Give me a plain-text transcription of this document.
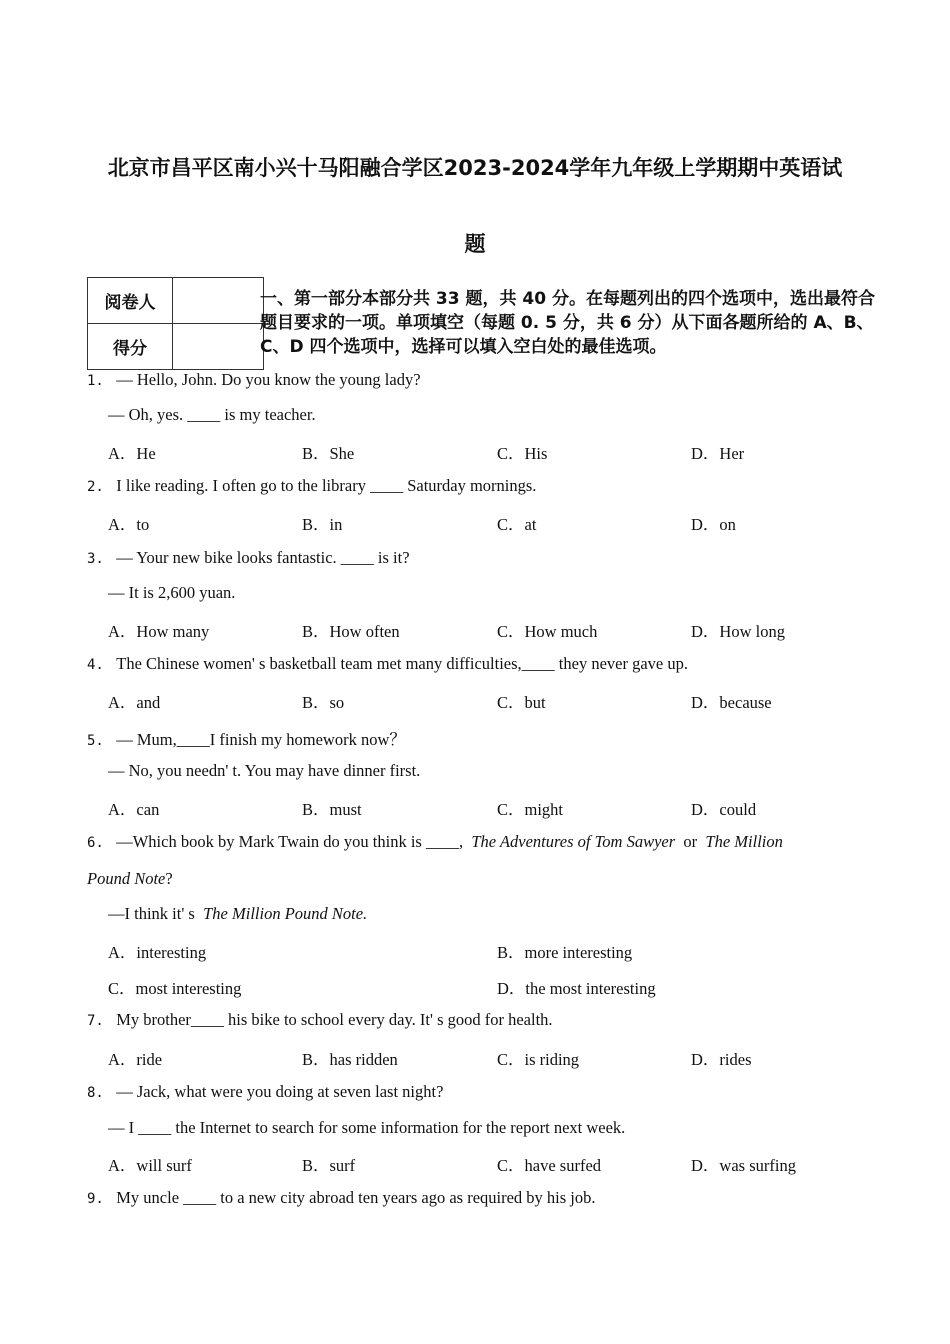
北京市昌平区南小兴十马阳融合学区2023-2024学年九年级上学期期中英语试
题
阅卷人	
得分	
一、第一部分本部分共 33 题，共 40 分。在每题列出的四个选项中，选出最符合题目要求的一项。单项填空（每题 0. 5 分，共 6 分）从下面各题所给的 A、B、C、D 四个选项中，选择可以填入空白处的最佳选项。
1. — Hello, John. Do you know the young lady?
— Oh, yes. ____ is my teacher.
A．He	B．She	C．His	D．Her
2. I like reading. I often go to the library ____ Saturday mornings.
A．to	B．in	C．at	D．on
3. — Your new bike looks fantastic. ____ is it?
— It is 2,600 yuan.
A．How many	B．How often	C．How much	D．How long
4. The Chinese women' s basketball team met many difficulties,____ they never gave up.
A．and	B．so	C．but	D．because
5. — Mum,____I finish my homework now？
— No, you needn' t. You may have dinner first.
A．can	B．must	C．might	D．could
6. —Which book by Mark Twain do you think is ____, The Adventures of Tom Sawyer or The Million
Pound Note?
—I think it' s The Million Pound Note.
A．interesting	B．more interesting
C．most interesting	D．the most interesting
7. My brother____ his bike to school every day. It' s good for health.
A．ride	B．has ridden	C．is riding	D．rides
8. — Jack, what were you doing at seven last night?
— I ____ the Internet to search for some information for the report next week.
A．will surf	B．surf	C．have surfed	D．was surfing
9. My uncle ____ to a new city abroad ten years ago as required by his job.
